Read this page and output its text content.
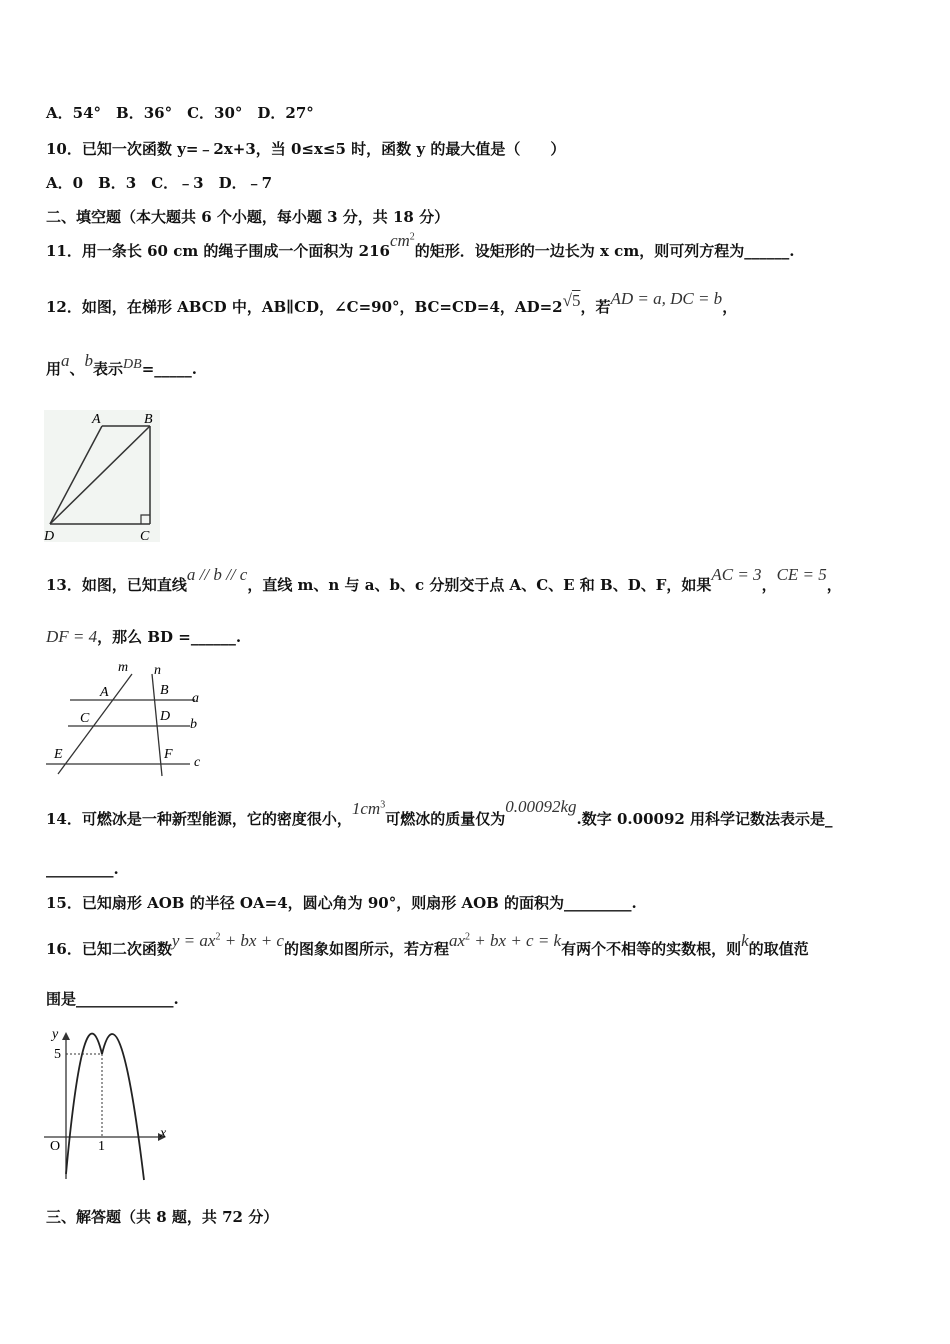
A．54°　B．36°　C．30°　D．27°
10．已知一次函数 y=﹣2x+3，当 0≤x≤5 时，函数 y 的最大值是（　　）
A．0　B．3　C．﹣3　D．﹣7
二、填空题（本大题共 6 个小题，每小题 3 分，共 18 分）
11．用一条长 60 cm 的绳子围成一个面积为 $216cm^2$的矩形．设矩形的一边长为 x cm，则可列方程为______.
12．如图，在梯形 ABCD 中，AB∥CD，∠C=90°，BC=CD=4，AD=2√5，若AD = a, DC = b，
用a、b表示DB=_____.
A	B
C
D
13．如图，已知直线a // b // c，直线 m、n 与 a、b、c 分别交于点 A、C、E 和 B、D、F，如果AC = 3，CE = 5，
DF = 4，那么 BD =______.
m n
A	B
a
C	D
b
E	F
c
14．可燃冰是一种新型能源，它的密度很小，$1cm^3$可燃冰的质量仅为0.00092kg.数字 0.00092 用科学记数法表示是_
_________.
15．已知扇形 AOB 的半径 OA=4，圆心角为 90°，则扇形 AOB 的面积为_________.
16．已知二次函数$y = ax^2$ + bx + c的图象如图所示，若方程$ax^2$ + bx + c = k有两个不相等的实数根，则k的取值范
围是_____________.
y
5
O	1
x
三、解答题（共 8 题，共 72 分）
